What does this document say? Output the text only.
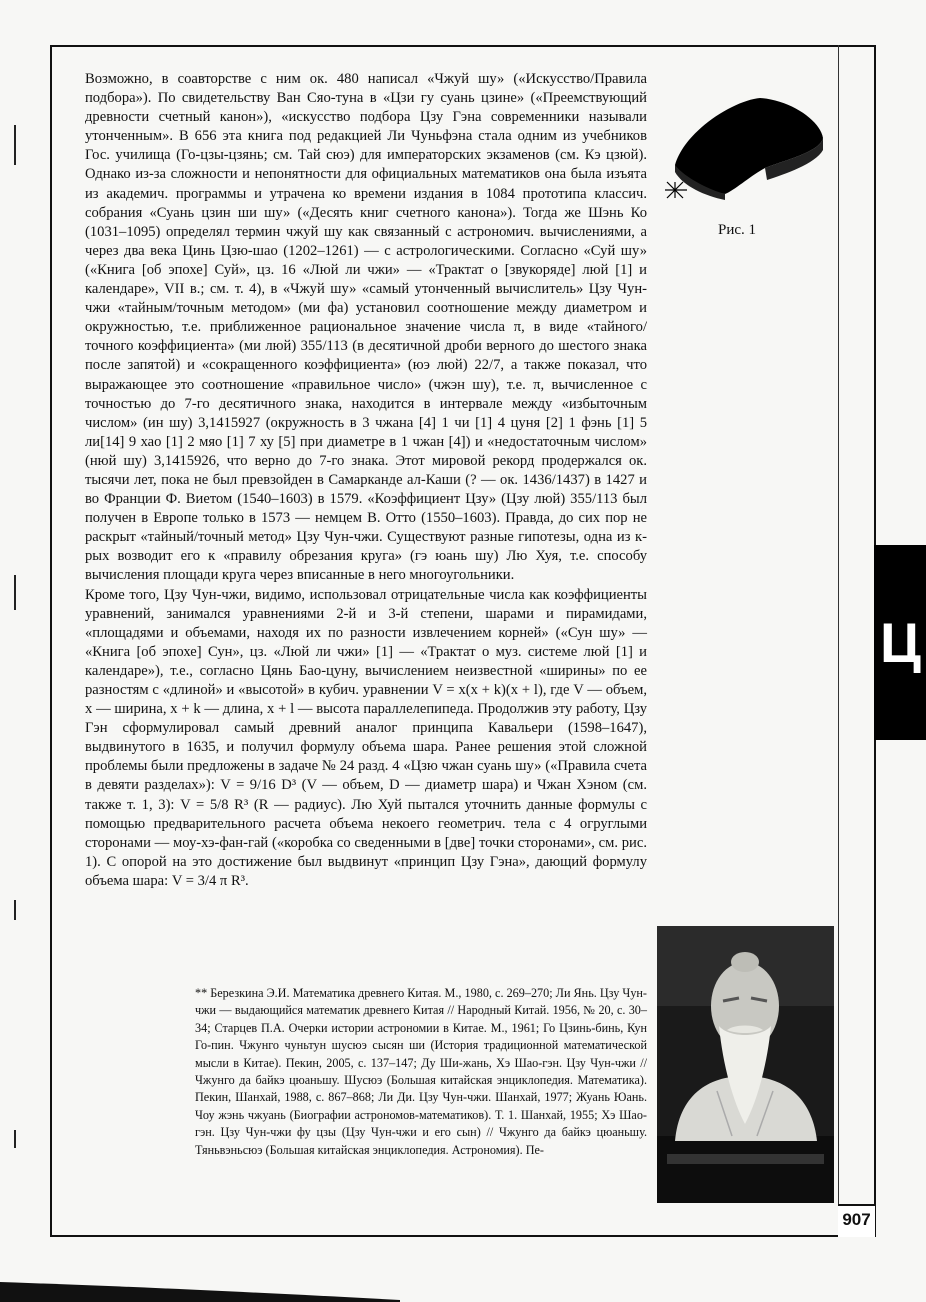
Возможно, в соавторстве с ним ок. 480 написал «Чжуй шу» («Искусство/Правила подбора»). По свидетельству Ван Сяо-туна в «Цзи гу суань цзине» («Преемствующий древности счетный канон»), «искусство подбора Цзу Гэна современники называли утонченным». В 656 эта книга под редакцией Ли Чуньфэна стала одним из учебников Гос. училища (Го-цзы-цзянь; см. Тай сюэ) для императорских экзаменов (см. Кэ цзюй). Однако из-за сложности и непонятности для официальных математиков она была изъята из академич. программы и утрачена ко времени издания в 1084 прототипа классич. собрания «Суань цзин ши шу» («Десять книг счетного канона»). Тогда же Шэнь Ко (1031–1095) определял термин чжуй шу как связанный с астрономич. вычислениями, а через два века Цинь Цзю-шао (1202–1261) — с астрологическими. Согласно «Суй шу» («Книга [об эпохе] Суй», цз. 16 «Люй ли чжи» — «Трактат о [звукоряде] люй [1] и календаре», VII в.; см. т. 4), в «Чжуй шу» «самый утонченный вычислитель» Цзу Чун-чжи «тайным/точным методом» (ми фа) установил соотношение между диаметром и окружностью, т.е. приближенное рациональное значение числа π, в виде «тайного/точного коэффициента» (ми люй) 355/113 (в десятичной дроби верного до шестого знака после запятой) и «сокращенного коэффициента» (юэ люй) 22/7, а также показал, что выражающее это соотношение «правильное число» (чжэн шу), т.е. π, вычисленное с точностью до 7-го десятичного знака, находится в интервале между «избыточным числом» (ин шу) 3,1415927 (окружность в 3 чжана [4] 1 чи [1] 4 цуня [2] 1 фэнь [1] 5 ли[14] 9 хао [1] 2 мяо [1] 7 ху [5] при диаметре в 1 чжан [4]) и «недостаточным числом» (нюй шу) 3,1415926, что верно до 7-го знака. Этот мировой рекорд продержался ок. тысячи лет, пока не был превзойден в Самарканде ал-Каши (? — ок. 1436/1437) в 1427 и во Франции Ф. Виетом (1540–1603) в 1579. «Коэффициент Цзу» (Цзу люй) 355/113 был получен в Европе только в 1573 — немцем В. Отто (1550–1603). Правда, до сих пор не раскрыт «тайный/точный метод» Цзу Чун-чжи. Существуют разные гипотезы, одна из к-рых возводит его к «правилу обрезания круга» (гэ юань шу) Лю Хуя, т.е. способу вычисления площади круга через вписанные в него многоугольники.

Кроме того, Цзу Чун-чжи, видимо, использовал отрицательные числа как коэффициенты уравнений, занимался уравнениями 2-й и 3-й степени, шарами и пирамидами, «площадями и объемами, находя их по разности извлечением корней» («Сун шу» — «Книга [об эпохе] Сун», цз. «Люй ли чжи» [1] — «Трактат о муз. системе люй [1] и календаре»), т.е., согласно Цянь Бао-цуну, вычислением неизвестной «ширины» по ее разностям с «длиной» и «высотой» в кубич. уравнении V = x(x + k)(x + l), где V — объем, x — ширина, x + k — длина, x + l — высота параллелепипеда. Продолжив эту работу, Цзу Гэн сформулировал самый древний аналог принципа Кавальери (1598–1647), выдвинутого в 1635, и получил формулу объема шара. Ранее решения этой сложной проблемы были предложены в задаче № 24 разд. 4 «Цзю чжан суань шу» («Правила счета в девяти разделах»): V = 9/16 D³ (V — объем, D — диаметр шара) и Чжан Хэном (см. также т. 1, 3): V = 5/8 R³ (R — радиус). Лю Хуй пытался уточнить данные формулы с помощью предварительного расчета объема некоего геометрич. тела с 4 огруглыми сторонами — моу-хэ-фан-гай («коробка со сведенными в [две] точки сторонами», см. рис. 1). С опорой на это достижение был выдвинут «принцип Цзу Гэна», дающий формулу объема шара: V = 3/4 π R³.

** Березкина Э.И. Математика древнего Китая. М., 1980, с. 269–270; Ли Янь. Цзу Чун-чжи — выдающийся математик древнего Китая // Народный Китай. 1956, № 20, с. 30–34; Старцев П.А. Очерки истории астрономии в Китае. М., 1961; Го Цзинь-бинь, Кун Го-пин. Чжунго чуньтун шусюэ сысян ши (История традиционной математической мысли в Китае). Пекин, 2005, с. 137–147; Ду Ши-жань, Хэ Шао-гэн. Цзу Чун-чжи // Чжунго да байкэ цюаньшу. Шусюэ (Большая китайская энциклопедия. Математика). Пекин, Шанхай, 1988, с. 867–868; Ли Ди. Цзу Чун-чжи. Шанхай, 1977; Жуань Юань. Чоу жэнь чжуань (Биографии астрономов-математиков). Т. 1. Шанхай, 1955; Хэ Шао-гэн. Цзу Чун-чжи фу цзы (Цзу Чун-чжи и его сын) // Чжунго да байкэ цюаньшу. Тяньвэньсюэ (Большая китайская энциклопедия. Астрономия). Пе-

Рис. 1
Ц
907
